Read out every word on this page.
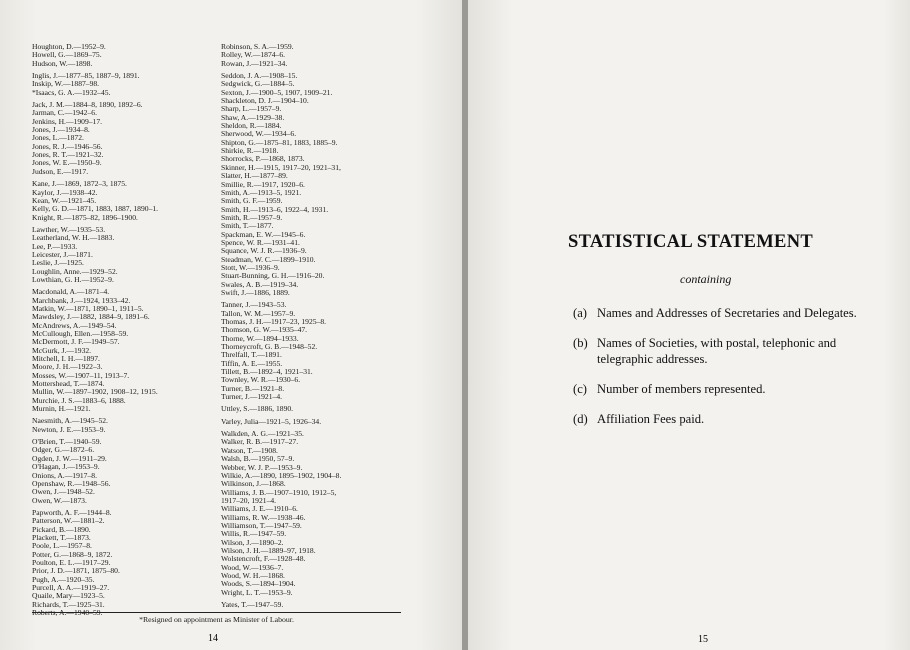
Houghton, D.—1952–9.
Howell, G.—1869–75.
Hudson, W.—1898.
Inglis, J.—1877–85, 1887–9, 1891.
Inskip, W.—1887–98.
*Isaacs, G. A.—1932–45.
Jack, J. M.—1884–8, 1890, 1892–6.
Jarman, C.—1942–6.
Jenkins, H.—1909–17.
Jones, J.—1934–8.
Jones, L.—1872.
Jones, R. J.—1946–56.
Jones, R. T.—1921–32.
Jones, W. E.—1950–9.
Judson, E.—1917.
Kane, J.—1869, 1872–3, 1875.
Kaylor, J.—1938–42.
Kean, W.—1921–45.
Kelly, G. D.—1871, 1883, 1887, 1890–1.
Knight, R.—1875–82, 1896–1900.
Lawther, W.—1935–53.
Leatherland, W. H.—1883.
Lee, P.—1933.
Leicester, J.—1871.
Leslie, J.—1925.
Loughlin, Anne.—1929–52.
Lowthian, G. H.—1952–9.
Macdonald, A.—1871–4.
Marchbank, J.—1924, 1933–42.
Matkin, W.—1871, 1890–1, 1911–5.
Mawdsley, J.—1882, 1884–9, 1891–6.
McAndrews, A.—1949–54.
McCullough, Ellen.—1958–59.
McDermott, J. F.—1949–57.
McGurk, J.—1932.
Mitchell, I. H.—1897.
Moore, J. H.—1922–3.
Mosses, W.—1907–11, 1913–7.
Mottershead, T.—1874.
Mullin, W.—1897–1902, 1908–12, 1915.
Murchie, J. S.—1883–6, 1888.
Murnin, H.—1921.
Naesmith, A.—1945–52.
Newton, J. E.—1953–9.
O'Brien, T.—1940–59.
Odger, G.—1872–6.
Ogden, J. W.—1911–29.
O'Hagan, J.—1953–9.
Onions, A.—1917–8.
Openshaw, R.—1948–56.
Owen, J.—1948–52.
Owen, W.—1873.
Papworth, A. F.—1944–8.
Patterson, W.—1881–2.
Pickard, B.—1890.
Plackett, T.—1873.
Poole, L.—1957–8.
Potter, G.—1868–9, 1872.
Poulton, E. L.—1917–29.
Prior, J. D.—1871, 1875–80.
Pugh, A.—1920–35.
Purcell, A. A.—1919–27.
Quaile, Mary—1923–5.
Richards, T.—1925–31.
Robinson, S. A.—1959.
Rolley, W.—1874–6.
Rowan, J.—1921–34.
Seddon, J. A.—1908–15.
Sedgwick, G.—1884–5.
Sexton, J.—1900–5, 1907, 1909–21.
Shackleton, D. J.—1904–10.
Sharp, L.—1957–9.
Shaw, A.—1929–38.
Sheldon, R.—1884.
Sherwood, W.—1934–6.
Shipton, G.—1875–81, 1883, 1885–9.
Shirkie, R.—1918.
Shorrocks, P.—1868, 1873.
Skinner, H.—1915, 1917–20, 1921–31,
Slatter, H.—1877–89.
Smillie, R.—1917, 1920–6.
Smith, A.—1913–5, 1921.
Smith, G. F.—1959.
Smith, H.—1913–6, 1922–4, 1931.
Smith, R.—1957–9.
Smith, T.—1877.
Spackman, E. W.—1945–6.
Spence, W. R.—1931–41.
Squance, W. J. R.—1936–9.
Steadman, W. C.—1899–1910.
Stott, W.—1936–9.
Stuart-Bunning, G. H.—1916–20.
Swales, A. B.—1919–34.
Swift, J.—1886, 1889.
Tanner, J.—1943–53.
Tallon, W. M.—1957–9.
Thomas, J. H.—1917–23, 1925–8.
Thomson, G. W.—1935–47.
Thorne, W.—1894–1933.
Thorneycroft, G. B.—1948–52.
Threlfall, T.—1891.
Tiffin, A. E.—1955.
Tillett, B.—1892–4, 1921–31.
Townley, W. R.—1930–6.
Turner, B.—1921–8.
Turner, J.—1921–4.
Uttley, S.—1886, 1890.
Varley, Julia—1921–5, 1926–34.
Walkden, A. G.—1921–35.
Walker, R. B.—1917–27.
Watson, T.—1908.
Walsh, B.—1950, 57–9.
Webber, W. J. P.—1953–9.
Wilkie, A.—1890, 1895–1902, 1904–8.
Wilkinson, J.—1868.
Williams, J. B.—1907–1910, 1912–5,
1917–20, 1921–4.
Williams, J. E.—1910–6.
Williams, R. W.—1938–46.
Williamson, T.—1947–59.
Willis, R.—1947–59.
Wilson, J.—1890–2.
Wilson, J. H.—1889–97, 1918.
Wolstencroft, F.—1928–48.
Wood, W.—1936–7.
Wood, W. H.—1868.
Woods, S.—1894–1904.
Wright, L. T.—1953–9.
Yates, T.—1947–59.

*Resigned on appointment as Minister of Labour.

14

STATISTICAL STATEMENT

containing

(a) Names and Addresses of Secretaries and Delegates.
(b) Names of Societies, with postal, telephonic and telegraphic addresses.
(c) Number of members represented.
(d) Affiliation Fees paid.

15
